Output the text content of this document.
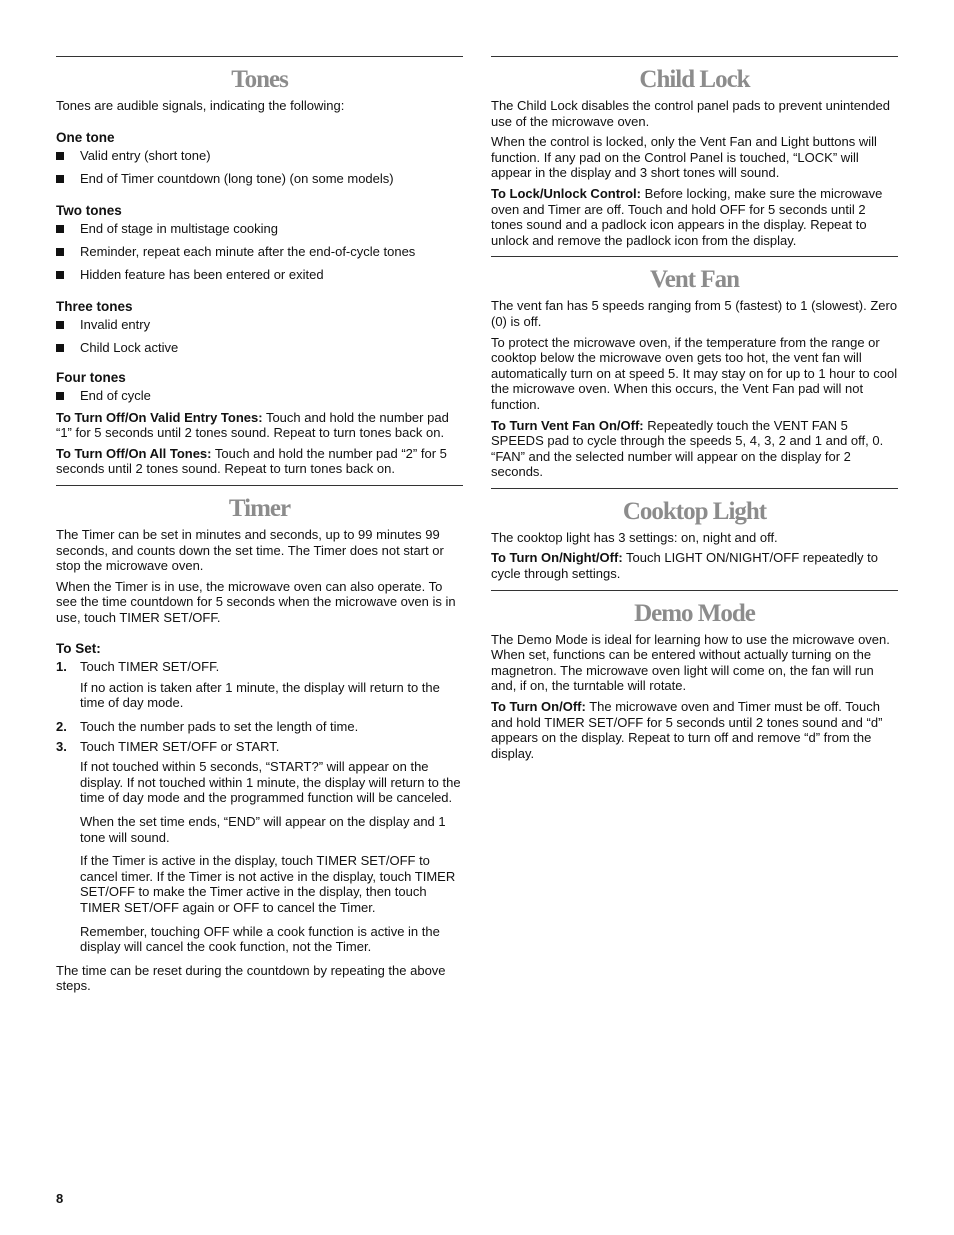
Tones

Tones are audible signals, indicating the following:

One tone
Valid entry (short tone)
End of Timer countdown (long tone) (on some models)
Two tones
End of stage in multistage cooking
Reminder, repeat each minute after the end-of-cycle tones
Hidden feature has been entered or exited
Three tones
Invalid entry
Child Lock active
Four tones
End of cycle

To Turn Off/On Valid Entry Tones: Touch and hold the number pad “1” for 5 seconds until 2 tones sound. Repeat to turn tones back on.

To Turn Off/On All Tones: Touch and hold the number pad “2” for 5 seconds until 2 tones sound. Repeat to turn tones back on.

Timer

The Timer can be set in minutes and seconds, up to 99 minutes 99 seconds, and counts down the set time. The Timer does not start or stop the microwave oven.

When the Timer is in use, the microwave oven can also operate. To see the time countdown for 5 seconds when the microwave oven is in use, touch TIMER SET/OFF.

To Set:
1. Touch TIMER SET/OFF.

If no action is taken after 1 minute, the display will return to the time of day mode.

2. Touch the number pads to set the length of time.
3. Touch TIMER SET/OFF or START.

If not touched within 5 seconds, “START?” will appear on the display. If not touched within 1 minute, the display will return to the time of day mode and the programmed function will be canceled.

When the set time ends, “END” will appear on the display and 1 tone will sound.

If the Timer is active in the display, touch TIMER SET/OFF to cancel timer. If the Timer is not active in the display, touch TIMER SET/OFF to make the Timer active in the display, then touch TIMER SET/OFF again or OFF to cancel the Timer.

Remember, touching OFF while a cook function is active in the display will cancel the cook function, not the Timer.

The time can be reset during the countdown by repeating the above steps.

Child Lock

The Child Lock disables the control panel pads to prevent unintended use of the microwave oven.

When the control is locked, only the Vent Fan and Light buttons will function. If any pad on the Control Panel is touched, “LOCK” will appear in the display and 3 short tones will sound.

To Lock/Unlock Control: Before locking, make sure the microwave oven and Timer are off. Touch and hold OFF for 5 seconds until 2 tones sound and a padlock icon appears in the display. Repeat to unlock and remove the padlock icon from the display.

Vent Fan

The vent fan has 5 speeds ranging from 5 (fastest) to 1 (slowest). Zero (0) is off.

To protect the microwave oven, if the temperature from the range or cooktop below the microwave oven gets too hot, the vent fan will automatically turn on at speed 5. It may stay on for up to 1 hour to cool the microwave oven. When this occurs, the Vent Fan pad will not function.

To Turn Vent Fan On/Off: Repeatedly touch the VENT FAN 5 SPEEDS pad to cycle through the speeds 5, 4, 3, 2 and 1 and off, 0. “FAN” and the selected number will appear on the display for 2 seconds.

Cooktop Light

The cooktop light has 3 settings: on, night and off.

To Turn On/Night/Off: Touch LIGHT ON/NIGHT/OFF repeatedly to cycle through settings.

Demo Mode

The Demo Mode is ideal for learning how to use the microwave oven. When set, functions can be entered without actually turning on the magnetron. The microwave oven light will come on, the fan will run and, if on, the turntable will rotate.

To Turn On/Off: The microwave oven and Timer must be off. Touch and hold TIMER SET/OFF for 5 seconds until 2 tones sound and “d” appears on the display. Repeat to turn off and remove “d” from the display.

8
